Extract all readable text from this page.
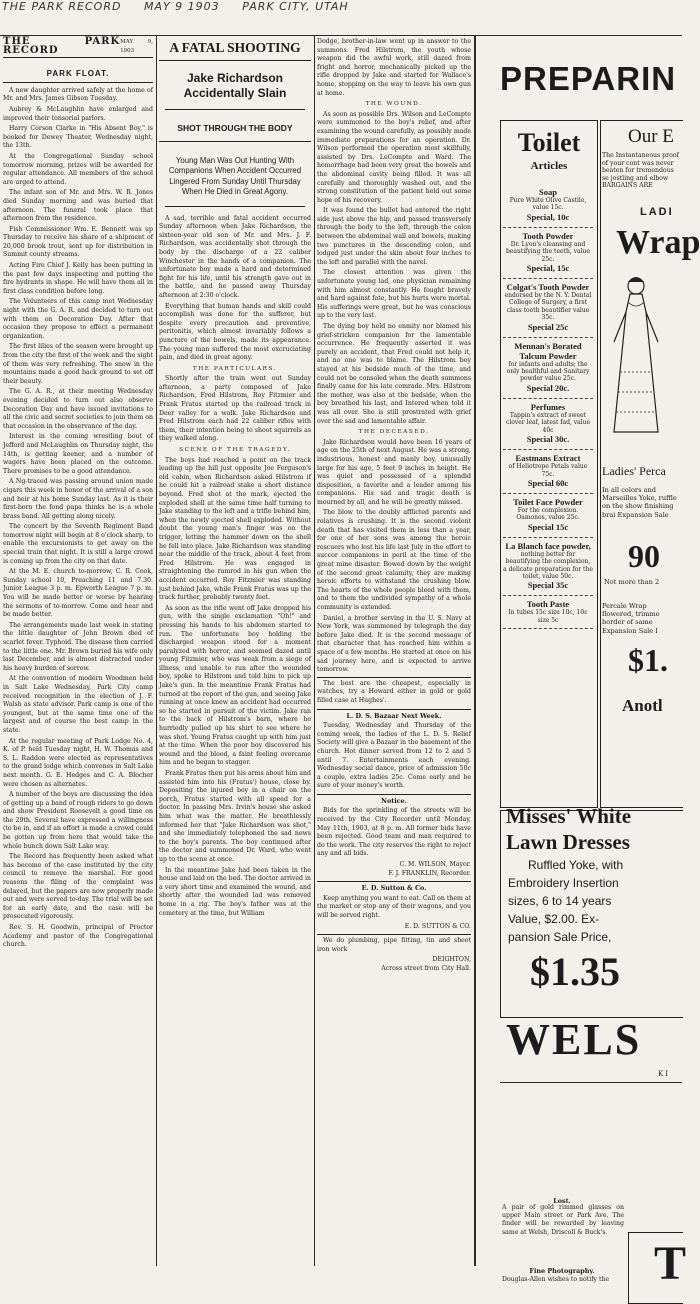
THE PARK RECORD MAY 9 1903 PARK CITY, UTAH
THE PARK RECORD
MAY 9, 1903
PARK FLOAT.

A new daughter arrived safely at the home of Mr. and Mrs. James Gibson Tuesday.

Aubrey & McLaughlin have enlarged and improved their tonsorial parlors.

Harry Corson Clarke in "His Absent Boy," is booked for Dewey Theater, Wednesday night, the 13th.

At the Congregational Sunday school tomorrow morning, prizes will be awarded for regular attendance. All members of the school are urged to attend.

The infant son of Mr. and Mrs. W. R. Jones died Sunday morning and was buried that afternoon. The funeral took place that afternoon from the residence.

Fish Commissioner Wm. E. Bennett was up Thursday to receive his share of a shipment of 20,000 brook trout, sent up for distribution in Summit county streams.

Acting Fire Chief J. Kelly has been putting in the past few days inspecting and putting the fire hydrants in shape. He will have them all in first class condition before long.

The Volunteers of this camp met Wednesday night with the G. A. R. and decided to turn out with them on Decoration Day. After that occasion they propose to effect a permanent organization.

The first lilies of the season were brought up from the city the first of the week and the sight of them was very refreshing. The snow in the mountains made a good back ground to set off their beauty.

The G. A. R., at their meeting Wednesday evening decided to turn out also observe Decoration Day and have issued invitations to all the civic and secret societies to join them on that occasion in the observance of the day.

Interest in the coming wrestling bout of Jefford and McLaughlin on Thursday night, the 14th, is getting keener, and a number of wagers have been placed on the outcome. There promises to be a good attendance.

A Ng-traced was passing around union made cigars this week in honor of the arrival of a son and heir at his home Sunday last. As it is their first-born the fond papa thinks he is a whole brass band. All getting along nicely.

The concert by the Seventh Regiment Band tomorrow night will begin at 8 o'clock sharp, to enable the excursionists to get away on the special train that night. It is still a large crowd is coming up from the city on that date.

At the M. E. church to-morrow, C. R. Cook, Sunday school 10, Preaching 11 and 7.30. Junior League 3 p. m. Epworth League 7 p. m. You will be made better or worse by hearing the sermons of to-morrow. Come and hear and be made better.

The arrangements made last week in stating the little daughter of John Brown died of scarlet fever. Typhoid. The disease then carried to the little one. Mr. Brown buried his wife only last December, and is almost distracted under his heavy burden of sorrow.

At the convention of modern Woodmen held in Salt Lake Wednesday, Park City camp received recognition in the election of J. F. Walsh as state advisor. Park camp is one of the youngest, but at the same time one of the largest and of course the best camp in the state.

At the regular meeting of Park Lodge No. 4, K. of P. held Tuesday night, H. W. Thomas and S. L. Raddon were elected as representatives to the grand lodge which convenes in Salt Lake next month. G. E. Hedges and C. A. Blocher were chosen as alternates.

A number of the boys are discussing the idea of getting up a band of rough riders to go down and show President Roosevelt a good time on the 29th. Several have expressed a willingness (to be in, and if an effort is made a crowd could be gotten up from here that would take the whole bunch down Salt Lake way.

The Record has frequently been asked what has become of the case instituted by the city council to remove the marshal. For good reasons the filing of the complaint was delayed, but the papers are now properly made out and were served to-day. The trial will be set for an early date, and the case will be prosecuted vigorously.

Rev. S. H. Goodwin, principal of Proctor Academy and pastor of the Congregational church.

A FATAL SHOOTING
Jake Richardson Accidentally Slain
SHOT THROUGH THE BODY
Young Man Was Out Hunting With Companions When Accident Occurred Lingered From Sunday Until Thursday When He Died in Great Agony.

A sad, terrible and fatal accident occurred Sunday afternoon when Jake Richardson, the sixteen-year old son of Mr. and Mrs. J. F. Richardson, was accidentally shot through the body by the discharge of a 22 caliber Winchester in the hands of a companion. The unfortunate boy made a hard and determined fight for his life, until his strength gave out in the battle, and he passed away Thursday afternoon at 2:30 o'clock.

Everything that human hands and skill could accomplish was done for the sufferer, but despite every precaution and preventive, peritonitis, which almost invariably follows a puncture of the bowels, made its appearance. The young man suffered the most excruciating pain, and died in great agony.

THE PARTICULARS.

Shortly after the train went out Sunday afternoon, a party composed of Jake Richardson, Fred Hilstrom, Roy Fitzmier and Frank Fratus started up the railroad track in Deer valley for a walk. Jake Richardson and Fred Hilstrom each had 22 caliber rifles with them, their intention being to shoot squirrels as they walked along.

SCENE OF THE TRAGEDY.

The boys had reached a point on the track leading up the hill just opposite Joe Ferguson's old cabin, when Richardson asked Hilstrom if he could hit a railroad stake a short distance beyond. Fred shot at the mark, ejected the exploded shell at the same time half turning to Jake standing to the left and a trifle behind him, when the newly ejected shell exploded. Without doubt the young man's finger was on the trigger, letting the hammer down on the shell he fell into place. Jake Richardson was standing near the middle of the track, about 4 feet from Fred Hilstrom. He was engaged in straightening the ramrod in his gun when the accident occurred. Roy Fitzmier was standing just behind Jake, while Frank Fratus was up the track further, probably twenty feet.

As soon as the rifle went off Jake dropped his gun, with the single exclamation "Oh!" and pressing his hands to his abdomen started to run. The unfortunate boy holding the discharged weapon stood for a moment paralyzed with horror, and seemed dazed until young Fitzmier, who was weak from a siege of illness, and unable to run after the wounded boy, spoke to Hilstrom and told him to pick up Jake's gun. In the meantime Frank Fratus had turned at the report of the gun, and seeing Jake running at once knew an accident had occurred so he started in pursuit of the victim. Jake ran to the back of Hilstrom's barn, where he hurriedly pulled up his shirt to see where he was shot. Young Fratus caught up with him just at the time. When the poor boy discovered his wound and the blood, a faint feeling overcame him and he began to stagger.

Frank Fratus then put his arms about him and assisted him into his (Fratus') house, close by. Depositing the injured boy in a chair on the porch, Fratus started with all speed for a doctor. In passing Mrs. Irvin's house she asked him what was the matter. He breathlessly informed her that "Jake Richardson was shot," and she immediately telephoned the sad news to the boy's parents. The boy continued after the doctor and summoned Dr. Ward, who went up to the scene at once.

In the meantime Jake had been taken in the house and laid on the bed. The doctor arrived in a very short time and examined the wound, and shortly after the wounded lad was removed home in a rig. The boy's father was at the cemetery at the time, but William

Dodge, brother-in-law went up in answer to the summons. Fred Hilstrom, the youth whose weapon did the awful work, still dazed from fright and horror, mechanically picked up the rifle dropped by Jake and started for Wallace's home, stopping on the way to leave his own gun at home.

THE WOUND.

As soon as possible Drs. Wilson and LeCompte were summoned to the boy's relief, and after examining the wound carefully, as possibly made immediate preparations for an operation. Dr. Wilson performed the operation most skillfully, assisted by Drs. LeCompte and Ward. The hemorrhage had been very great the bowels and the abdominal cavity being filled. It was all carefully and thoroughly washed out, and the strong constitution of the patient held out some hope of his recovery.

It was found the bullet had entered the right side just above the hip, and passed transversely through the body to the left, through the colon between the abdominal wall and bowels, making two punctures in the descending colon, and lodged just under the skin about four inches to the left and parallel with the navel.

The closest attention was given the unfortunate young lad, one physician remaining with him almost constantly. He fought bravely and hard against fate, but his hurts were mortal. His sufferings were great, but he was conscious up to the very last.

The dying boy held no enmity nor blamed his grief-stricken companion for the lamentable occurrence. He frequently asserted it was purely an accident, that Fred could not help it, and no one was to blame. The Hilstrom boy stayed at his bedside much of the time, and could not be consoled when the death summons finally came for his late comrade. Mrs. Hilstrom the mother, was also at the bedside, when the boy breathed his last, and Intered when told it was all over. She is still prostrated with grief over the sad and lamentable affair.

THE DECEASED.

Jake Richardson would have been 16 years of age on the 25th of next August. He was a strong, industrious, honest and manly boy, unusually large for his age, 5 feet 9 inches in height. He was quiet and possessed of a splendid disposition, a favorite and a leader among his companions. His sad and tragic death is mourned by all, and he will be greatly missed.

The blow to the doubly afflicted parents and relatives is crushing. It is the second violent death that has visited them in less than a year, for one of her sons was among the heroic rescuers who lost his life last July in the effort to succor companions in peril at the time of the great mine disaster. Bowed down by the weight of the second great calamity, they are making heroic efforts to withstand the crushing blow. The hearts of the whole people bleed with them, and to them the undivided sympathy of a whole community is extended.

Daniel, a brother serving in the U. S. Navy at New York, was summoned by telegraph the day before Jake died. It is the second message of that character that has reached him within a space of a few months. He started at once on his sad journey here, and is expected to arrive tomorrow.

The best are the cheapest, especially in watches, try a Howard either in gold or gold filled case at Hughes'.

L. D. S. Bazaar Next Week.

Tuesday, Wednesday and Thursday of the coming week, the ladies of the L. D. S. Relief Society will give a Bazaar in the basement of the church. Hot dinner served from 12 to 2 and 5 until 7. Entertainments each evening. Wednesday social dance, price of admission 50c a couple, extra ladies 25c. Come early and be sure of your money's worth.

Notice.

Bids for the sprinkling of the streets will be received by the City Recorder until Monday, May 11th, 1903, at 8 p. m. All former bids have been rejected. Good team and man required to do the work. The city reserves the right to reject any and all bids.

C. M. WILSON, Mayor.
F. J. FRANKLIN, Recorder.
E. D. Sutton & Co.

Keep anything you want to eat. Call on them at the market or stop any of their wagons, and you will be served right.

E. D. SUTTON & CO.

We do plumbing, pipe fitting, tin and sheet iron work

DEIGHTON,
Across street from City Hall.
PREPARIN
Toilet
Articles
Soap
Pure White Olive Castile, value 15c.
Special, 10c
Tooth Powder
Dr. Lyon's cleansing and beautifying the teeth, value 25c.
Special, 15c
Colgat's Tooth Powder
endorsed by the N. Y. Dental College of Surgery, a first class tooth beautifier value 35c.
Special 25c
Mennan's Borated Talcum Powder
for infants and adults; the only healthful and Sanitary powder value 25c.
Special 20c.
Perfumes
Tappin's extract of sweet clover leaf, latest fad, value 40c
Special 30c.
Eastmans Extract
of Heliotrope Petals value 75c.
Special 60c
Toilet Face Powder
For the complexion. Oamonos, value 25c.
Special 15c
La Blanch face powder,
nothing better for beautifying the complexion, a delicate preparation for the toilet, value 50c.
Special 35c
Tooth Paste
In tubes 15c size 10c, 10c size 5c
Our E
The Instantaneous proof of your cont was never beaten for tremendous se jostling and elbow BARGAINS ARE
LADI
Wrap
Ladies' Perca
In all colors and Marseilles Yoke, ruffle on the show finishing brai Expansion Sale
90
Not more than 2
Percale Wrap flowered, trimme border of same Expansion Sale I
$1.
Anotl
Misses' White
Lawn Dresses
Ruffled Yoke, with
Embroidery Insertion
sizes, 6 to 14 years
Value, $2.00. Ex-
pansion Sale Price,
$1.35
WELS
KI
Lost.
A pair of gold rimmed glasses on upper Main street or Park Ave. The finder will be rewarded by leaving same at Welsh, Driscoll & Buck's.
Fine Photography.
Douglas-Allen wishes to notify the T
